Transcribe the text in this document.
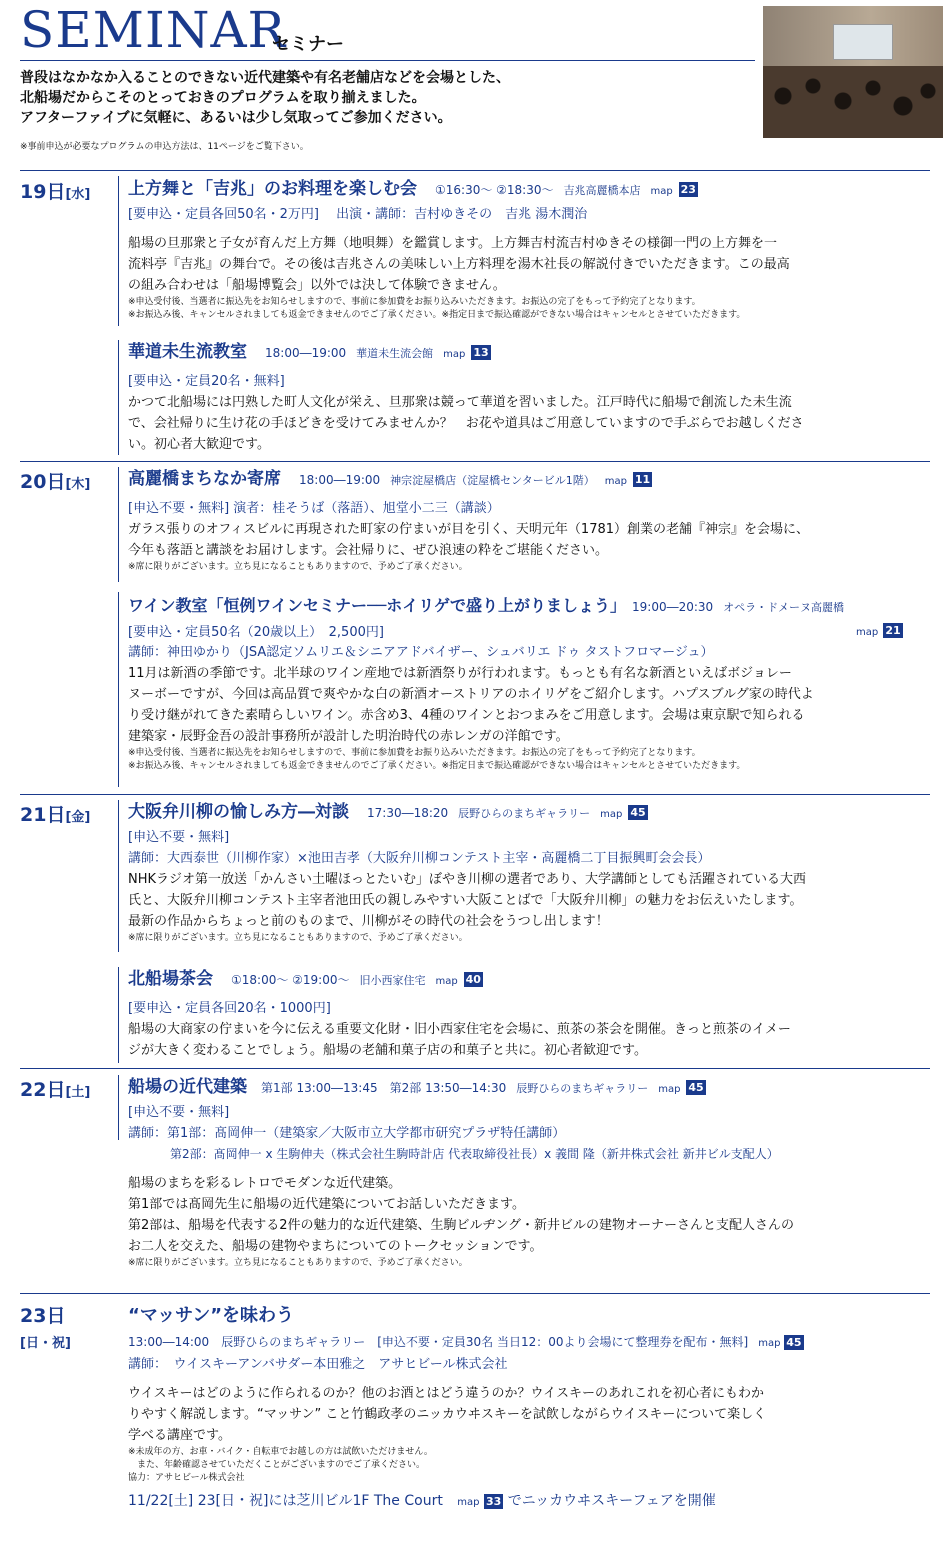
SEMINAR
セミナー
普段はなかなか入ることのできない近代建築や有名老舗店などを会場とした、
北船場だからこそのとっておきのプログラムを取り揃えました。
アフターファイブに気軽に、あるいは少し気取ってご参加ください。
※事前申込が必要なプログラムの申込方法は、11ページをご覧下さい。
19日[水] 上方舞と「吉兆」のお料理を楽しむ会 ①16:30〜 ②18:30〜 吉兆高麗橋本店 map 23
[要申込・定員各回50名・2万円]　 出演・講師：吉村ゆきその　吉兆 湯木潤治
船場の旦那衆と子女が育んだ上方舞（地唄舞）を鑑賞します。上方舞吉村流吉村ゆきその様御一門の上方舞を一
流料亭『吉兆』の舞台で。その後は吉兆さんの美味しい上方料理を湯木社長の解説付きでいただきます。この最高
の組み合わせは「船場博覧会」以外では決して体験できません。
※申込受付後、当選者に振込先をお知らせしますので、事前に参加費をお振り込みいただきます。お振込の完了をもって予約完了となります。
※お振込み後、キャンセルされましても返金できませんのでご了承ください。※指定日まで振込確認ができない場合はキャンセルとさせていただきます。
華道未生流教室 18:00―19:00 華道未生流会館 map 13
[要申込・定員20名・無料]
かつて北船場には円熟した町人文化が栄え、旦那衆は競って華道を習いました。江戸時代に船場で創流した未生流
で、会社帰りに生け花の手ほどきを受けてみませんか？　お花や道具はご用意していますので手ぶらでお越しくださ
い。初心者大歓迎です。
20日[木] 高麗橋まちなか寄席 18:00―19:00 神宗淀屋橋店（淀屋橋センタービル1階） map 11
[申込不要・無料] 演者：桂そうば（落語）、旭堂小二三（講談）
ガラス張りのオフィスビルに再現された町家の佇まいが目を引く、天明元年（1781）創業の老舗『神宗』を会場に、
今年も落語と講談をお届けします。会社帰りに、ぜひ浪速の粋をご堪能ください。
※席に限りがございます。立ち見になることもありますので、予めご了承ください。
ワイン教室「恒例ワインセミナー──ホイリゲで盛り上がりましょう」 19:00―20:30 オペラ・ドメーヌ高麗橋
[要申込・定員50名（20歳以上）　2,500円]	map 21
講師：神田ゆかり（JSA認定ソムリエ＆シニアアドバイザー、シュバリエ ドゥ タストフロマージュ）
11月は新酒の季節です。北半球のワイン産地では新酒祭りが行われます。もっとも有名な新酒といえばボジョレー
ヌーボーですが、今回は高品質で爽やかな白の新酒オーストリアのホイリゲをご紹介します。ハプスブルグ家の時代よ
り受け継がれてきた素晴らしいワイン。赤含め3、4種のワインとおつまみをご用意します。会場は東京駅で知られる
建築家・辰野金吾の設計事務所が設計した明治時代の赤レンガの洋館です。
※申込受付後、当選者に振込先をお知らせしますので、事前に参加費をお振り込みいただきます。お振込の完了をもって予約完了となります。
※お振込み後、キャンセルされましても返金できませんのでご了承ください。※指定日まで振込確認ができない場合はキャンセルとさせていただきます。
21日[金] 大阪弁川柳の愉しみ方―対談 17:30―18:20 辰野ひらのまちギャラリー map 45
[申込不要・無料]
講師：大西泰世（川柳作家）×池田吉孝（大阪弁川柳コンテスト主宰・高麗橋二丁目振興町会会長）
NHKラジオ第一放送「かんさい土曜ほっとたいむ」ぼやき川柳の選者であり、大学講師としても活躍されている大西
氏と、大阪弁川柳コンテスト主宰者池田氏の親しみやすい大阪ことばで「大阪弁川柳」の魅力をお伝えいたします。
最新の作品からちょっと前のものまで、川柳がその時代の社会をうつし出します！
※席に限りがございます。立ち見になることもありますので、予めご了承ください。
北船場茶会 ①18:00〜 ②19:00〜 旧小西家住宅 map 40
[要申込・定員各回20名・1000円]
船場の大商家の佇まいを今に伝える重要文化財・旧小西家住宅を会場に、煎茶の茶会を開催。きっと煎茶のイメー
ジが大きく変わることでしょう。船場の老舗和菓子店の和菓子と共に。初心者歓迎です。
22日[土] 船場の近代建築 第1部 13:00―13:45　第2部 13:50―14:30 辰野ひらのまちギャラリー map 45
[申込不要・無料]
講師：第1部：髙岡伸一（建築家／大阪市立大学都市研究プラザ特任講師）
第2部：髙岡伸一 x 生駒伸夫（株式会社生駒時計店 代表取締役社長）x 義間 隆（新井株式会社 新井ビル支配人）
船場のまちを彩るレトロでモダンな近代建築。
第1部では髙岡先生に船場の近代建築についてお話しいただきます。
第2部は、船場を代表する2件の魅力的な近代建築、生駒ビルヂング・新井ビルの建物オーナーさんと支配人さんの
お二人を交えた、船場の建物やまちについてのトークセッションです。
※席に限りがございます。立ち見になることもありますので、予めご了承ください。
23日
[日・祝]
“マッサン”を味わう
13:00―14:00　 辰野ひらのまちギャラリー　 [申込不要・定員30名 当日12：00より会場にて整理券を配布・無料] map 45
講師：　ウイスキーアンバサダー本田雅之　アサヒビール株式会社
ウイスキーはどのように作られるのか？他のお酒とはどう違うのか？ウイスキーのあれこれを初心者にもわか
りやすく解説します。“マッサン” こと竹鶴政孝のニッカウヰスキーを試飲しながらウイスキーについて楽しく
学べる講座です。
※未成年の方、お車・バイク・自転車でお越しの方は試飲いただけません。
　また、年齢確認させていただくことがございますのでご了承ください。
協力：アサヒビール株式会社
11/22[土] 23[日・祝]には芝川ビル1F The Court map 33 でニッカウヰスキーフェアを開催
